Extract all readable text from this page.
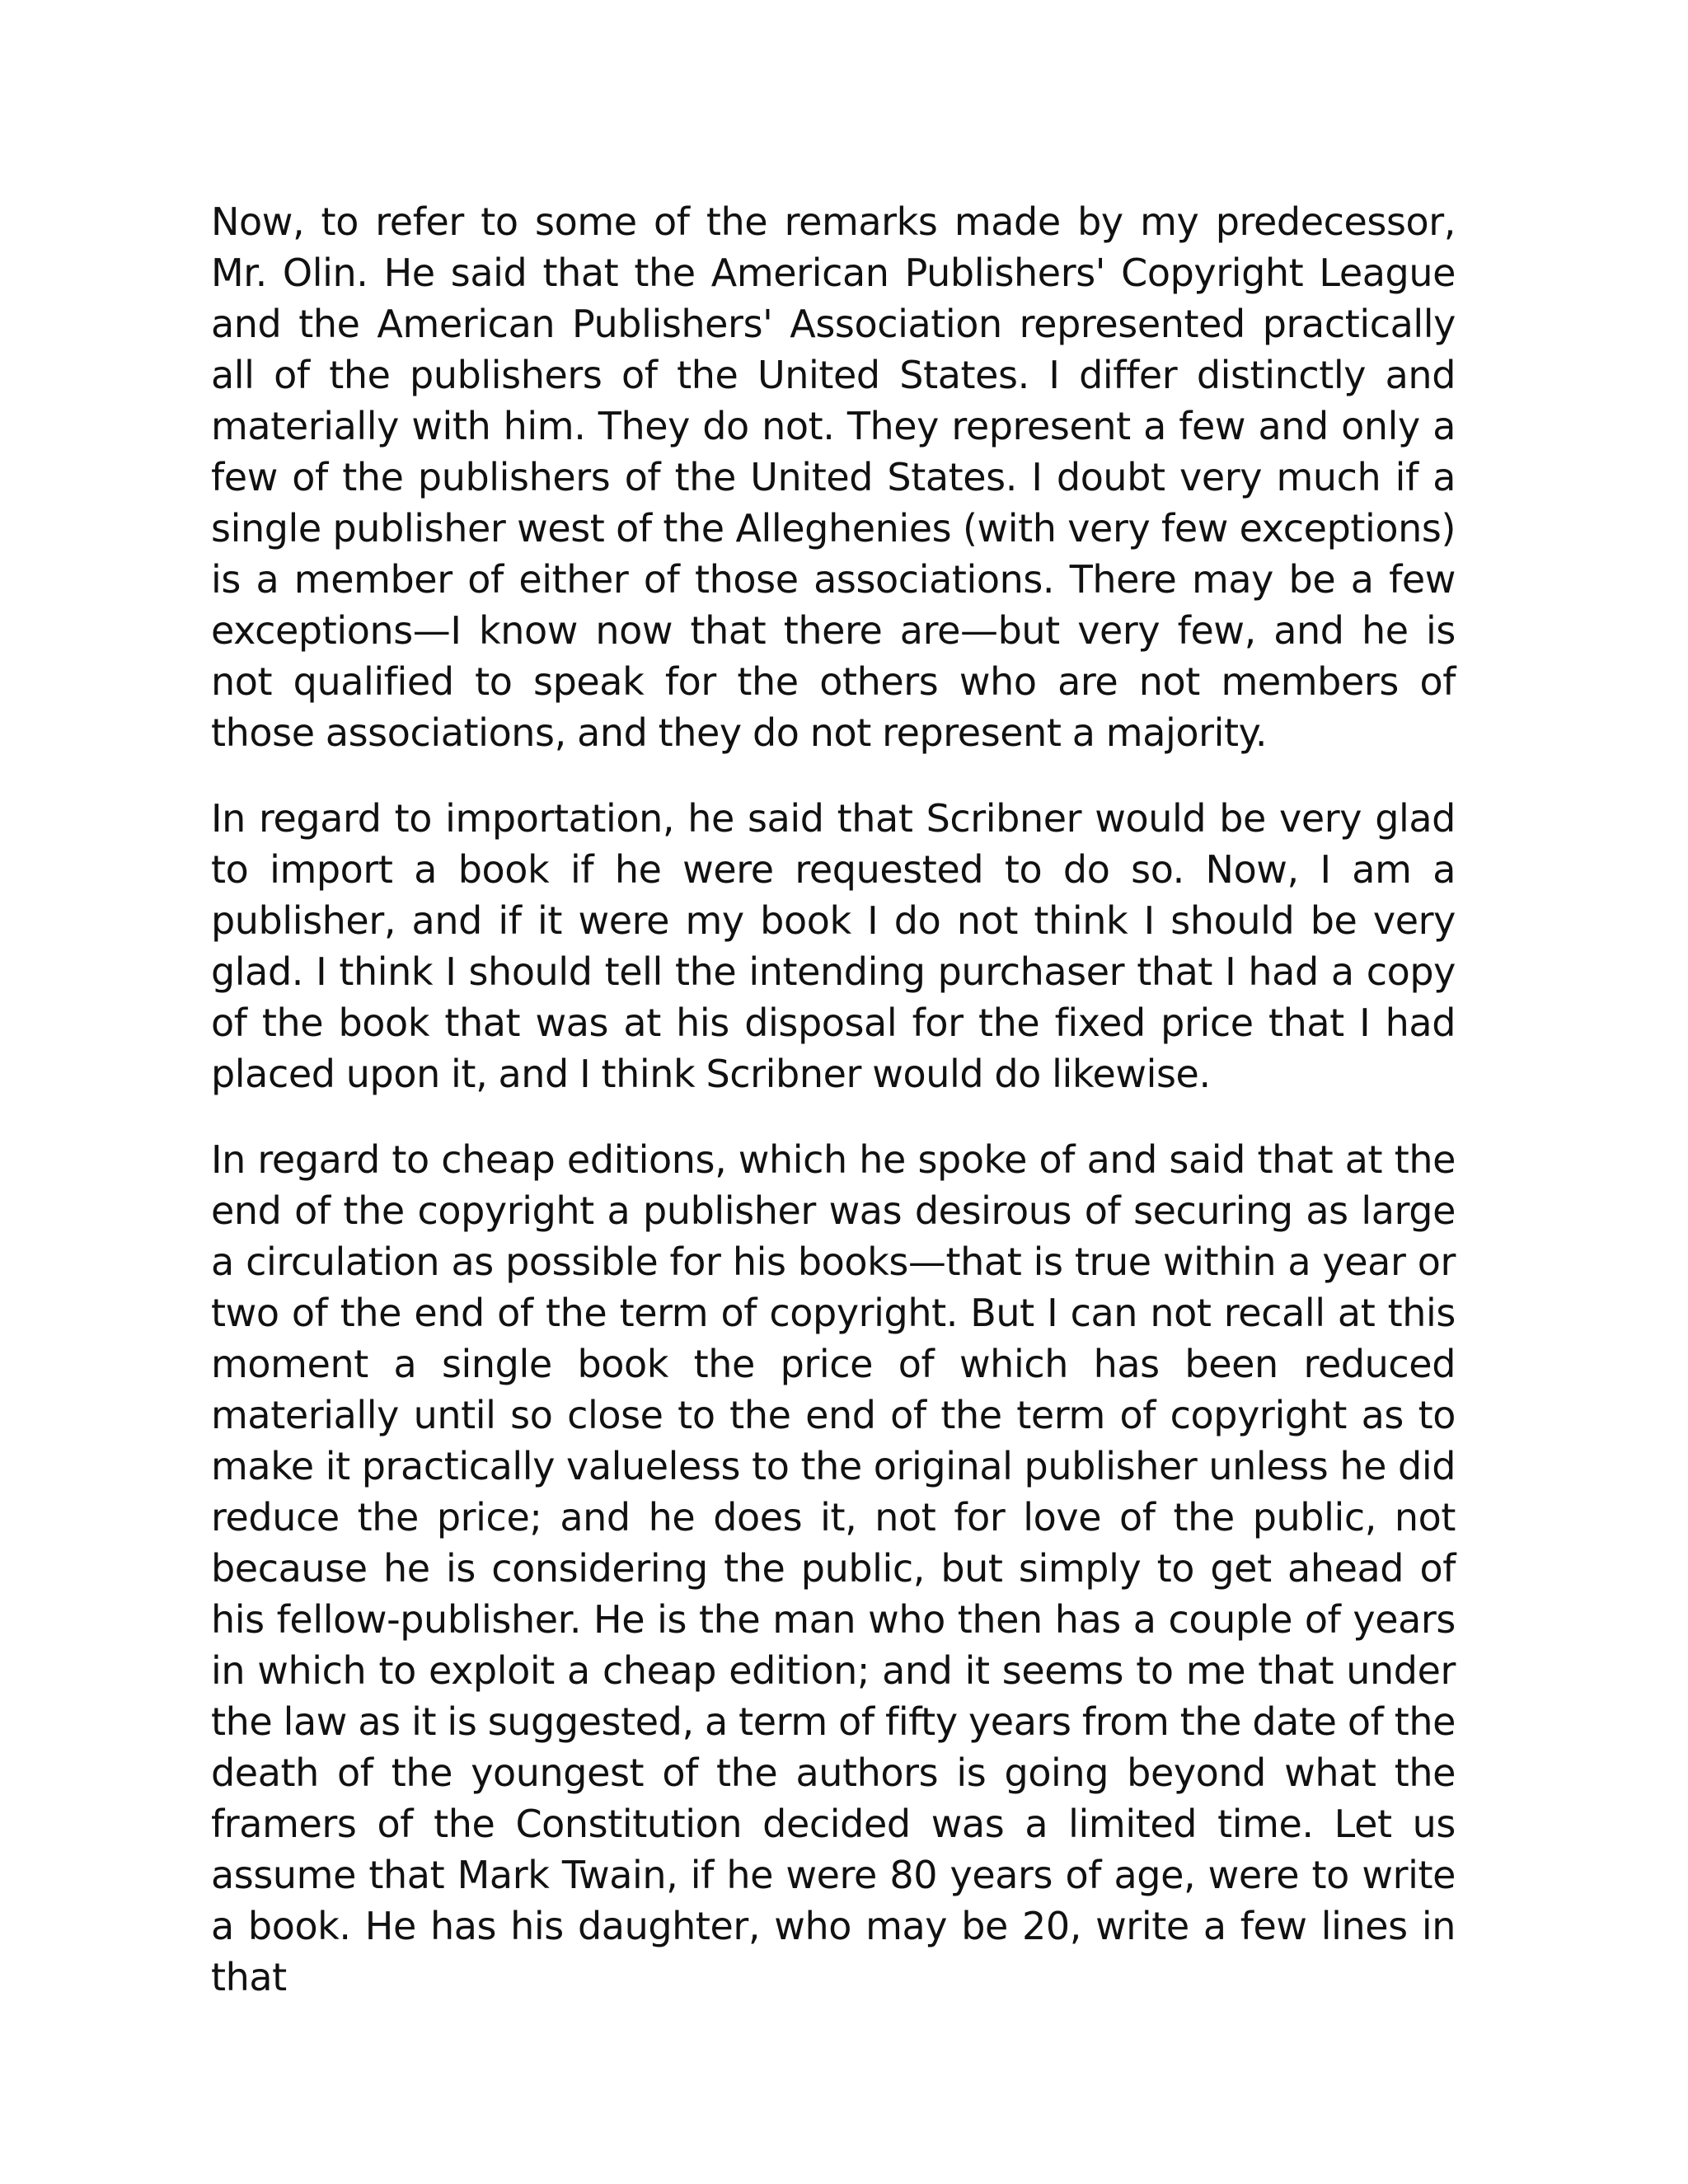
Now, to refer to some of the remarks made by my predecessor, Mr. Olin. He said that the American Publishers' Copyright League and the American Publishers' Association represented practically all of the publishers of the United States. I differ distinctly and materially with him. They do not. They represent a few and only a few of the publishers of the United States. I doubt very much if a single publisher west of the Alleghenies (with very few exceptions) is a member of either of those associations. There may be a few exceptions—I know now that there are—but very few, and he is not qualified to speak for the others who are not members of those associations, and they do not represent a majority.

In regard to importation, he said that Scribner would be very glad to import a book if he were requested to do so. Now, I am a publisher, and if it were my book I do not think I should be very glad. I think I should tell the intending purchaser that I had a copy of the book that was at his disposal for the fixed price that I had placed upon it, and I think Scribner would do likewise.

In regard to cheap editions, which he spoke of and said that at the end of the copyright a publisher was desirous of securing as large a circulation as possible for his books—that is true within a year or two of the end of the term of copyright. But I can not recall at this moment a single book the price of which has been reduced materially until so close to the end of the term of copyright as to make it practically valueless to the original publisher unless he did reduce the price; and he does it, not for love of the public, not because he is considering the public, but simply to get ahead of his fellow-publisher. He is the man who then has a couple of years in which to exploit a cheap edition; and it seems to me that under the law as it is suggested, a term of fifty years from the date of the death of the youngest of the authors is going beyond what the framers of the Constitution decided was a limited time. Let us assume that Mark Twain, if he were 80 years of age, were to write a book. He has his daughter, who may be 20, write a few lines in that
